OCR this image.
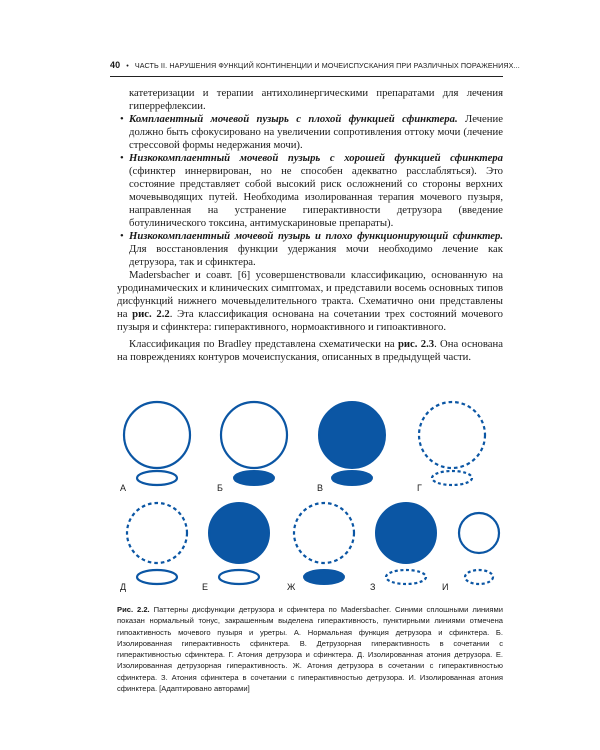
40 • ЧАСТЬ II. НАРУШЕНИЯ ФУНКЦИЙ КОНТИНЕНЦИИ И МОЧЕИСПУСКАНИЯ ПРИ РАЗЛИЧНЫХ ПОРАЖЕНИЯХ...

катетеризации и терапии антихолинергическими препаратами для лечения гиперрефлексии.

• Комплаентный мочевой пузырь с плохой функцией сфинктера. Лечение должно быть сфокусировано на увеличении сопротивления оттоку мочи (лечение стрессовой формы недержания мочи).

• Низкокомплаентный мочевой пузырь с хорошей функцией сфинктера (сфинктер иннервирован, но не способен адекватно расслабляться). Это состояние представляет собой высокий риск осложнений со стороны верхних мочевыводящих путей. Необходима изолированная терапия мочевого пузыря, направленная на устранение гиперактивности детрузора (введение ботулинического токсина, антимускариновые препараты).

• Низкокомплаентный мочевой пузырь и плохо функционирующий сфинктер. Для восстановления функции удержания мочи необходимо лечение как детрузора, так и сфинктера.

Madersbacher и соавт. [6] усовершенствовали классификацию, основанную на уродинамических и клинических симптомах, и представили восемь основных типов дисфункций нижнего мочевыделительного тракта. Схематично они представлены на рис. 2.2. Эта классификация основана на сочетании трех состояний мочевого пузыря и сфинктера: гиперактивного, нормоактивного и гипоактивного.

Классификация по Bradley представлена схематически на рис. 2.3. Она основана на повреждениях контуров мочеиспускания, описанных в предыдущей части.

А	Б	В	Г
Д	Е	Ж	З	И

Рис. 2.2. Паттерны дисфункции детрузора и сфинктера по Madersbacher. Синими сплошными линиями показан нормальный тонус, закрашенным выделена гиперактивность, пунктирными линиями отмечена гипоактивность мочевого пузыря и уретры. А. Нормальная функция детрузора и сфинктера. Б. Изолированная гиперактивность сфинктера. В. Детрузорная гиперактивность в сочетании с гиперактивностью сфинктера. Г. Атония детрузора и сфинктера. Д. Изолированная атония детрузора. Е. Изолированная детрузорная гиперактивность. Ж. Атония детрузора в сочетании с гиперактивностью сфинктера. З. Атония сфинктера в сочетании с гиперактивностью детрузора. И. Изолированная атония сфинктера. [Адаптировано авторами]
